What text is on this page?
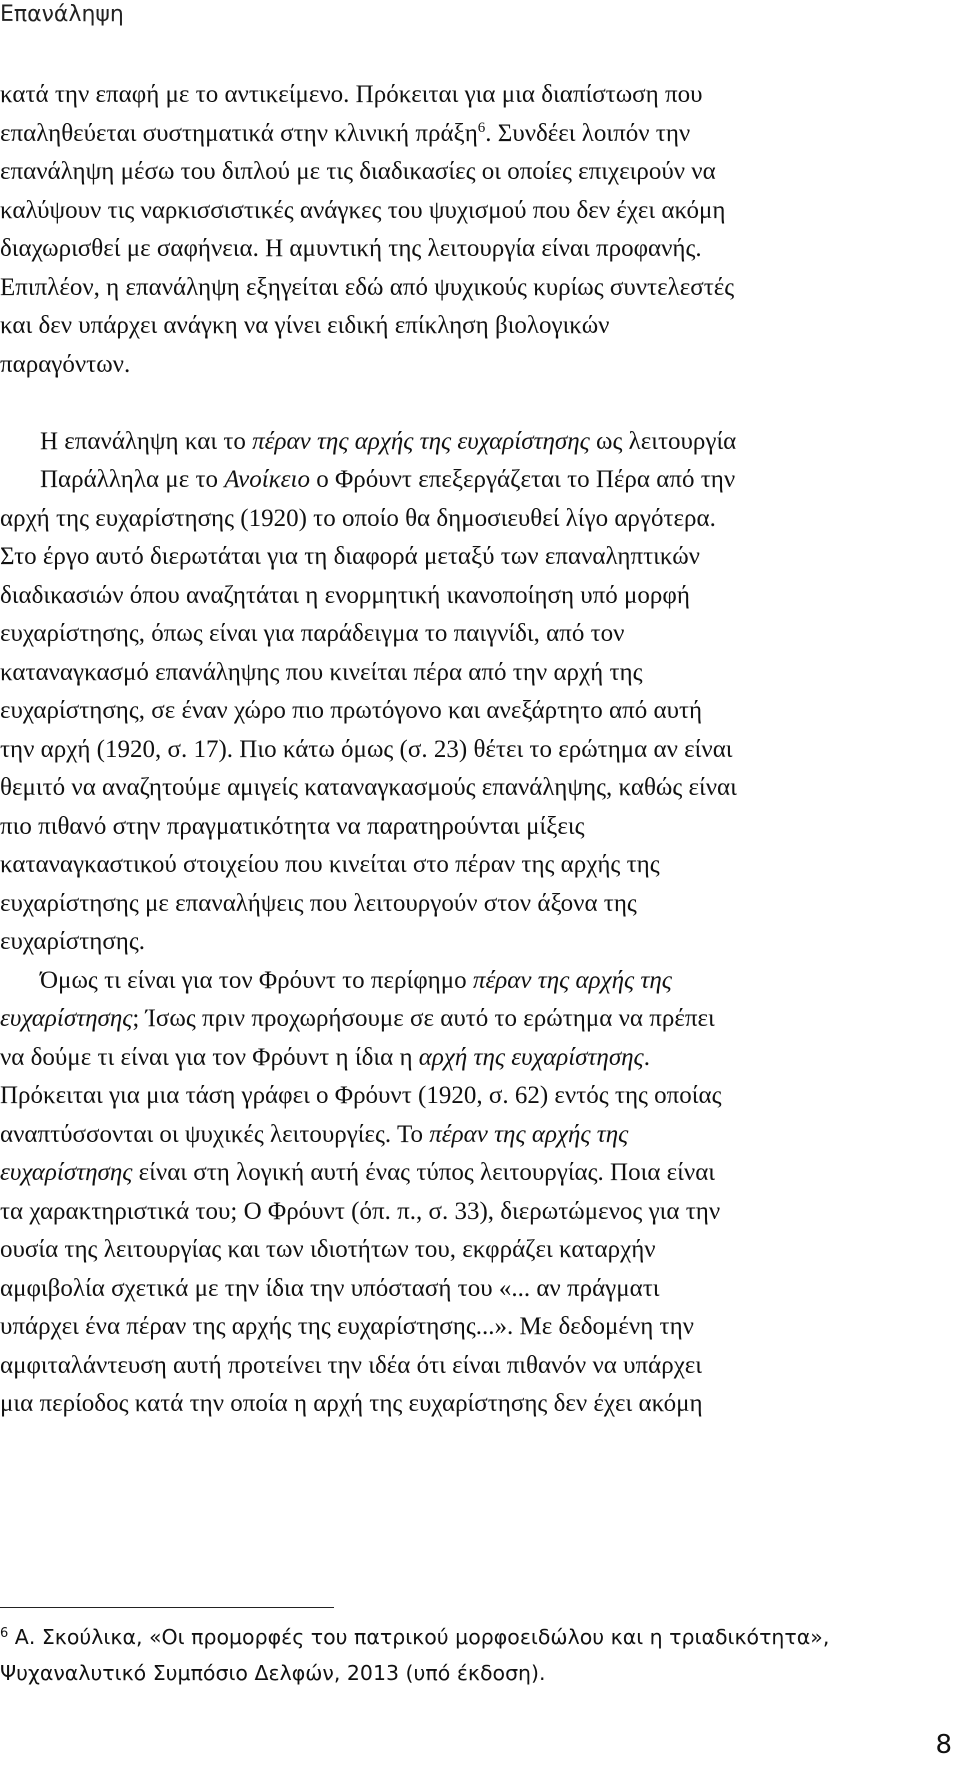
Επανάληψη

κατά την επαφή με το αντικείμενο. Πρόκειται για μια διαπίστωση που

επαληθεύεται συστηματικά στην κλινική πράξη$^6$. Συνδέει λοιπόν την

επανάληψη μέσω του διπλού με τις διαδικασίες οι οποίες επιχειρούν να

καλύψουν τις ναρκισσιστικές ανάγκες του ψυχισμού που δεν έχει ακόμη

διαχωρισθεί με σαφήνεια. Η αμυντική της λειτουργία είναι προφανής.

Επιπλέον, η επανάληψη εξηγείται εδώ από ψυχικούς κυρίως συντελεστές

και δεν υπάρχει ανάγκη να γίνει ειδική επίκληση βιολογικών

παραγόντων.

Η επανάληψη και το πέραν της αρχής της ευχαρίστησης ως λειτουργία

Παράλληλα με το Ανοίκειο ο Φρόυντ επεξεργάζεται το Πέρα από την

αρχή της ευχαρίστησης (1920) το οποίο θα δημοσιευθεί λίγο αργότερα.

Στο έργο αυτό διερωτάται για τη διαφορά μεταξύ των επαναληπτικών

διαδικασιών όπου αναζητάται η ενορμητική ικανοποίηση υπό μορφή

ευχαρίστησης, όπως είναι για παράδειγμα το παιγνίδι, από τον

καταναγκασμό επανάληψης που κινείται πέρα από την αρχή της

ευχαρίστησης, σε έναν χώρο πιο πρωτόγονο και ανεξάρτητο από αυτή

την αρχή (1920, σ. 17). Πιο κάτω όμως (σ. 23) θέτει το ερώτημα αν είναι

θεμιτό να αναζητούμε αμιγείς καταναγκασμούς επανάληψης, καθώς είναι

πιο πιθανό στην πραγματικότητα να παρατηρούνται μίξεις

καταναγκαστικού στοιχείου που κινείται στο πέραν της αρχής της

ευχαρίστησης με επαναλήψεις που λειτουργούν στον άξονα της

ευχαρίστησης.

Όμως τι είναι για τον Φρόυντ το περίφημο πέραν της αρχής της

ευχαρίστησης; Ίσως πριν προχωρήσουμε σε αυτό το ερώτημα να πρέπει

να δούμε τι είναι για τον Φρόυντ η ίδια η αρχή της ευχαρίστησης.

Πρόκειται για μια τάση γράφει ο Φρόυντ (1920, σ. 62) εντός της οποίας

αναπτύσσονται οι ψυχικές λειτουργίες. Το πέραν της αρχής της

ευχαρίστησης είναι στη λογική αυτή ένας τύπος λειτουργίας. Ποια είναι

τα χαρακτηριστικά του; Ο Φρόυντ (όπ. π., σ. 33), διερωτώμενος για την

ουσία της λειτουργίας και των ιδιοτήτων του, εκφράζει καταρχήν

αμφιβολία σχετικά με την ίδια την υπόστασή του «... αν πράγματι

υπάρχει ένα πέραν της αρχής της ευχαρίστησης...». Με δεδομένη την

αμφιταλάντευση αυτή προτείνει την ιδέα ότι είναι πιθανόν να υπάρχει

μια περίοδος κατά την οποία η αρχή της ευχαρίστησης δεν έχει ακόμη

$^6$ Α. Σκούλικα, «Οι προμορφές του πατρικού μορφοειδώλου και η τριαδικότητα»,

Ψυχαναλυτικό Συμπόσιο Δελφών, 2013 (υπό έκδοση).

8
